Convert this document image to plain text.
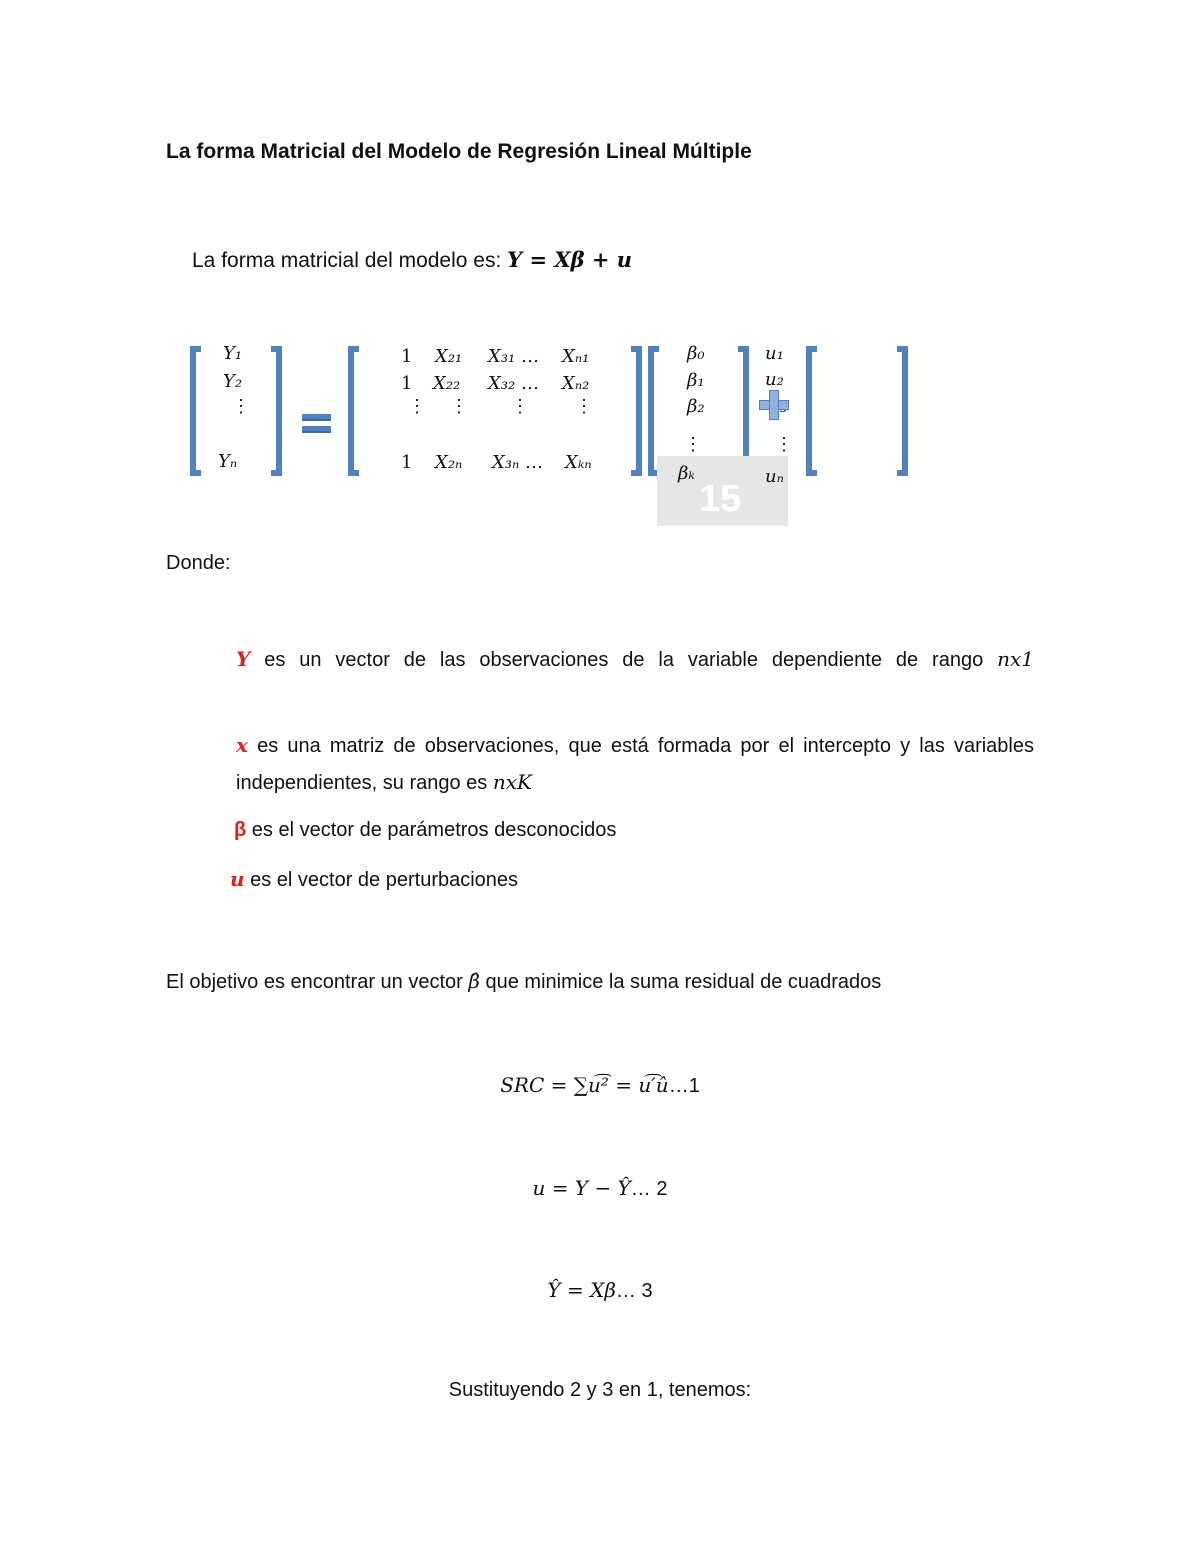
La forma Matricial del Modelo de Regresión Lineal Múltiple
La forma matricial del modelo es: Y = Xβ + u
Y₁
Y₂
⋮
Yₙ
1 X₂₁ X₃₁ … Xₙ₁
1 X₂₂ X₃₂ … Xₙ₂
⋮ ⋮ ⋮	⋮
1 X₂ₙ X₃ₙ … Xₖₙ
β₀
β₁
β₂
⋮
15
βₖ
u₁
u₂
⋮
uₙ
Donde:
Y es un vector de las observaciones de la variable dependiente de rango nx1
x es una matriz de observaciones, que está formada por el intercepto y las variables independientes, su rango es nxK
β es el vector de parámetros desconocidos
u es el vector de perturbaciones
El objetivo es encontrar un vector β̂ que minimice la suma residual de cuadrados
SRC = ∑u͡² = u͡′û…1
u = Y − Ŷ… 2
Ŷ = Xβ… 3
Sustituyendo 2 y 3 en 1, tenemos:
